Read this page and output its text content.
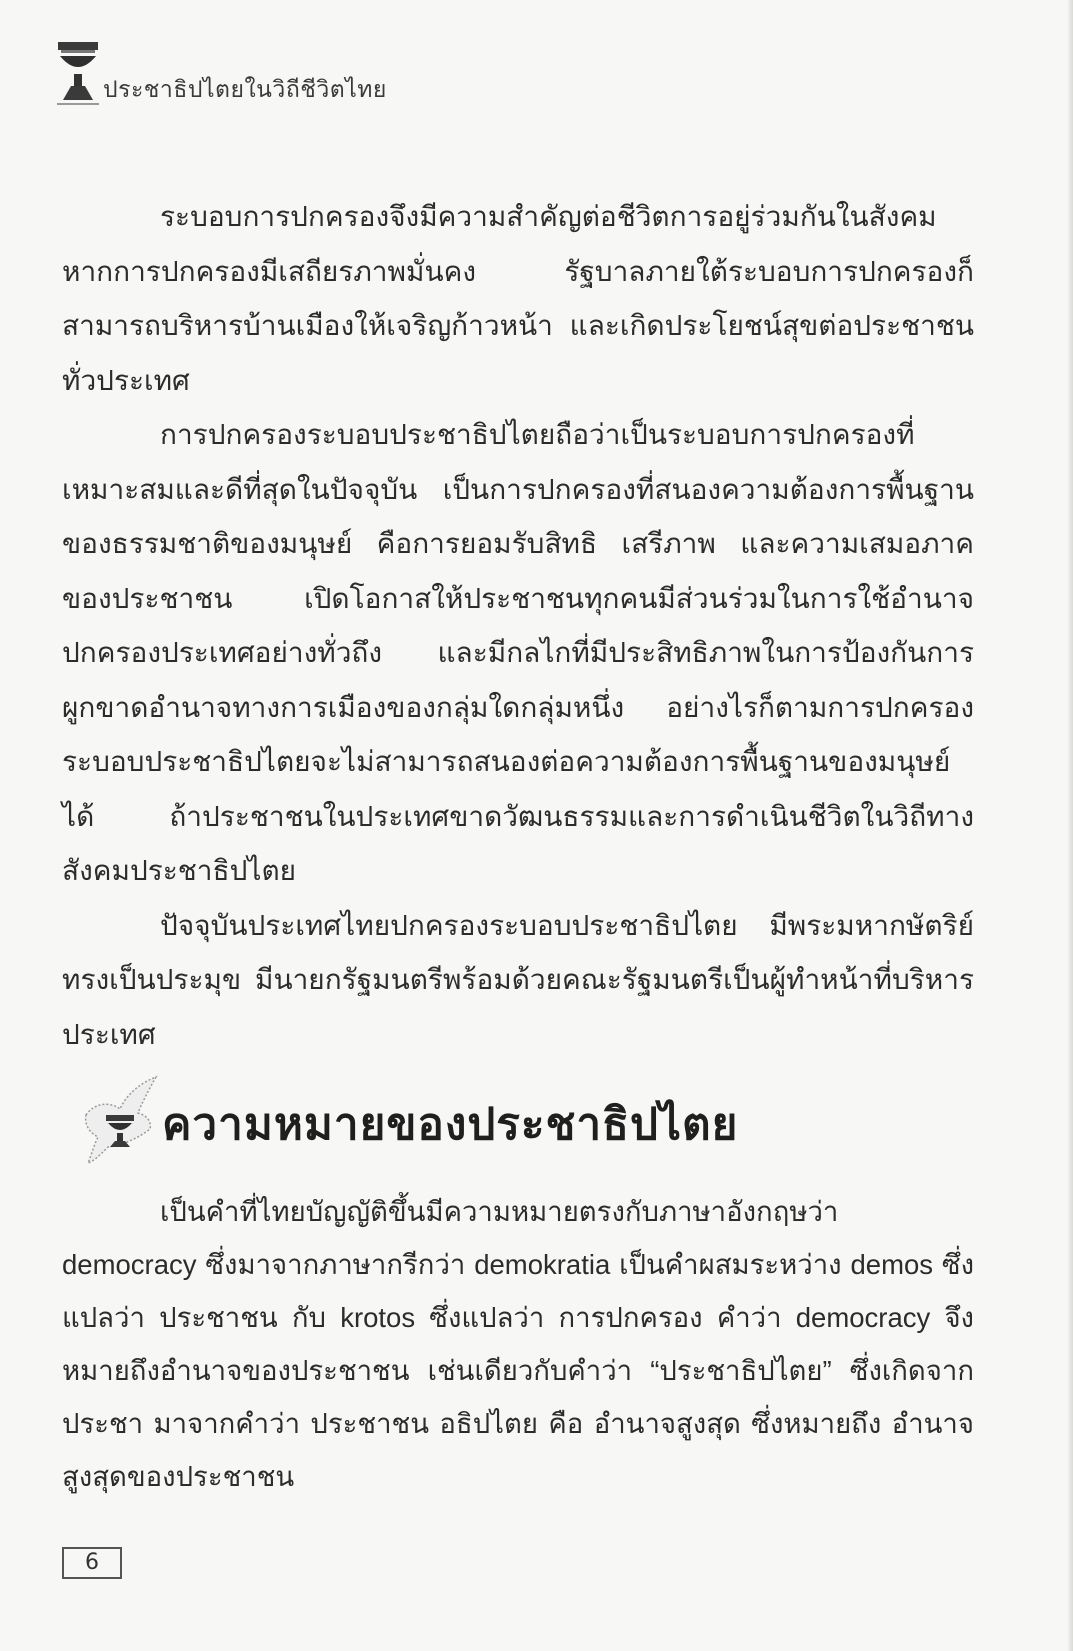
ประชาธิปไตยในวิถีชีวิตไทย

ระบอบการปกครองจึงมีความสำคัญต่อชีวิตการอยู่ร่วมกันในสังคม หากการปกครองมีเสถียรภาพมั่นคง รัฐบาลภายใต้ระบอบการปกครองก็สามารถบริหารบ้านเมืองให้เจริญก้าวหน้า และเกิดประโยชน์สุขต่อประชาชนทั่วประเทศ

การปกครองระบอบประชาธิปไตยถือว่าเป็นระบอบการปกครองที่เหมาะสมและดีที่สุดในปัจจุบัน เป็นการปกครองที่สนองความต้องการพื้นฐานของธรรมชาติของมนุษย์ คือการยอมรับสิทธิ เสรีภาพ และความเสมอภาคของประชาชน เปิดโอกาสให้ประชาชนทุกคนมีส่วนร่วมในการใช้อำนาจปกครองประเทศอย่างทั่วถึง และมีกลไกที่มีประสิทธิภาพในการป้องกันการผูกขาดอำนาจทางการเมืองของกลุ่มใดกลุ่มหนึ่ง อย่างไรก็ตามการปกครองระบอบประชาธิปไตยจะไม่สามารถสนองต่อความต้องการพื้นฐานของมนุษย์ได้ ถ้าประชาชนในประเทศขาดวัฒนธรรมและการดำเนินชีวิตในวิถีทางสังคมประชาธิปไตย

ปัจจุบันประเทศไทยปกครองระบอบประชาธิปไตย มีพระมหากษัตริย์ทรงเป็นประมุข มีนายกรัฐมนตรีพร้อมด้วยคณะรัฐมนตรีเป็นผู้ทำหน้าที่บริหารประเทศ

ความหมายของประชาธิปไตย

เป็นคำที่ไทยบัญญัติขึ้นมีความหมายตรงกับภาษาอังกฤษว่า democracy ซึ่งมาจากภาษากรีกว่า demokratia เป็นคำผสมระหว่าง demos ซึ่งแปลว่า ประชาชน กับ krotos ซึ่งแปลว่า การปกครอง คำว่า democracy จึงหมายถึงอำนาจของประชาชน เช่นเดียวกับคำว่า “ประชาธิปไตย” ซึ่งเกิดจาก ประชา มาจากคำว่า ประชาชน อธิปไตย คือ อำนาจสูงสุด ซึ่งหมายถึง อำนาจสูงสุดของประชาชน

6
